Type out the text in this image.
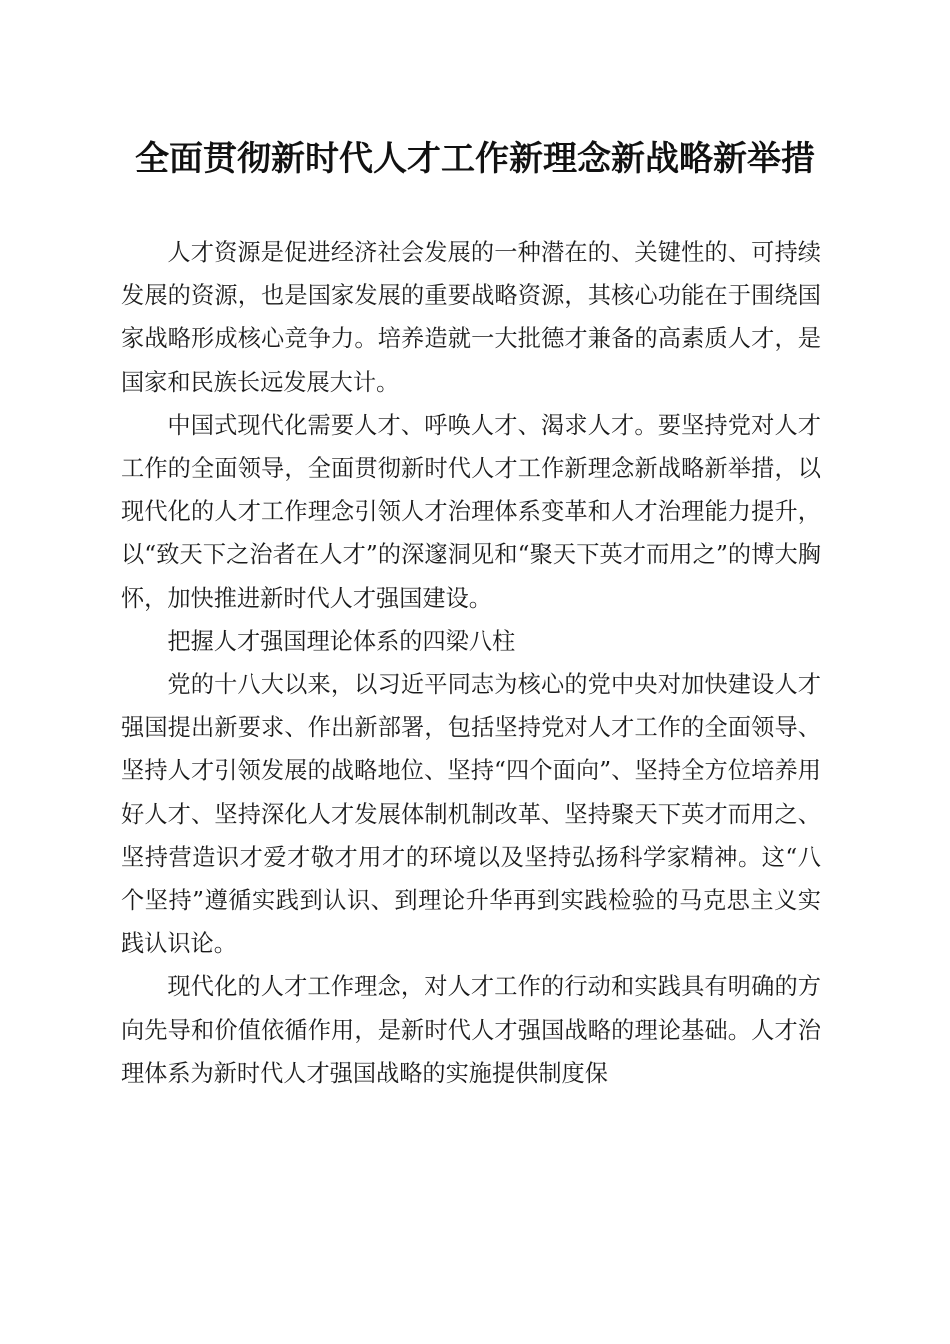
全面贯彻新时代人才工作新理念新战略新举措

人才资源是促进经济社会发展的一种潜在的、关键性的、可持续发展的资源，也是国家发展的重要战略资源，其核心功能在于围绕国家战略形成核心竞争力。培养造就一大批德才兼备的高素质人才，是国家和民族长远发展大计。

中国式现代化需要人才、呼唤人才、渴求人才。要坚持党对人才工作的全面领导，全面贯彻新时代人才工作新理念新战略新举措，以现代化的人才工作理念引领人才治理体系变革和人才治理能力提升，以“致天下之治者在人才”的深邃洞见和“聚天下英才而用之”的博大胸怀，加快推进新时代人才强国建设。

把握人才强国理论体系的四梁八柱

党的十八大以来，以习近平同志为核心的党中央对加快建设人才强国提出新要求、作出新部署，包括坚持党对人才工作的全面领导、坚持人才引领发展的战略地位、坚持“四个面向”、坚持全方位培养用好人才、坚持深化人才发展体制机制改革、坚持聚天下英才而用之、坚持营造识才爱才敬才用才的环境以及坚持弘扬科学家精神。这“八个坚持”遵循实践到认识、到理论升华再到实践检验的马克思主义实践认识论。

现代化的人才工作理念，对人才工作的行动和实践具有明确的方向先导和价值依循作用，是新时代人才强国战略的理论基础。人才治理体系为新时代人才强国战略的实施提供制度保
